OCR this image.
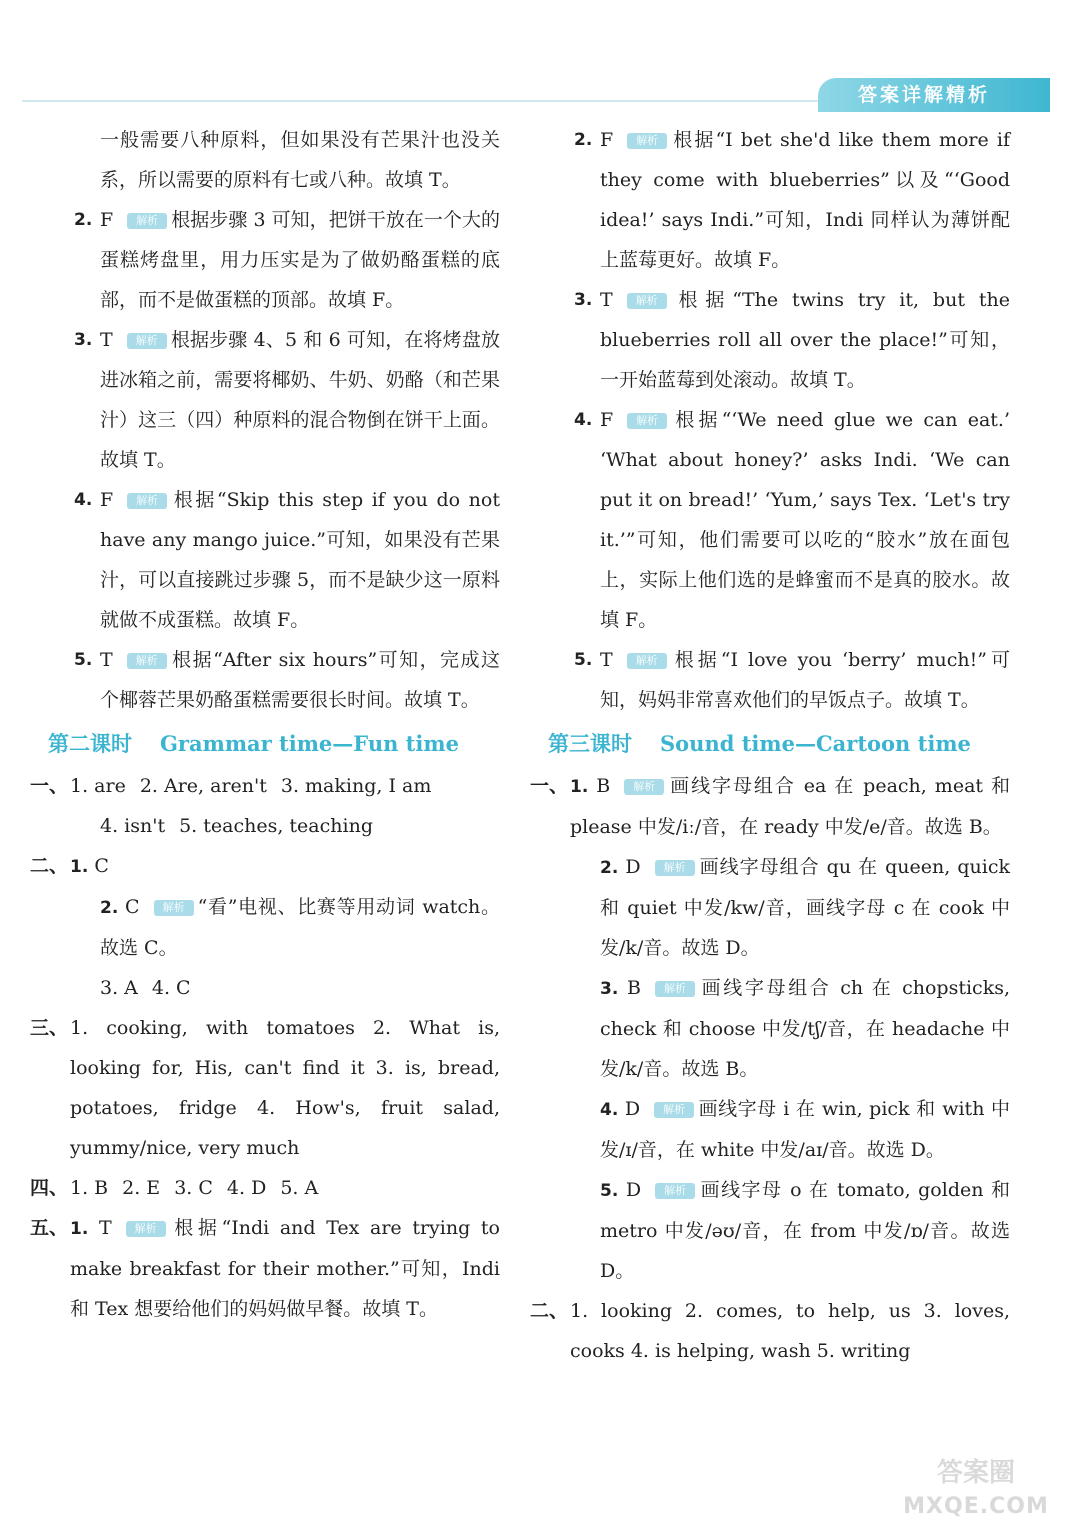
答案详解精析

一般需要八种原料，但如果没有芒果汁也没关系，所以需要的原料有七或八种。故填 T。

2. F 解析 根据步骤 3 可知，把饼干放在一个大的蛋糕烤盘里，用力压实是为了做奶酪蛋糕的底部，而不是做蛋糕的顶部。故填 F。
3. T 解析 根据步骤 4、5 和 6 可知，在将烤盘放进冰箱之前，需要将椰奶、牛奶、奶酪（和芒果汁）这三（四）种原料的混合物倒在饼干上面。故填 T。
4. F 解析 根据“Skip this step if you do not have any mango juice.”可知，如果没有芒果汁，可以直接跳过步骤 5，而不是缺少这一原料就做不成蛋糕。故填 F。
5. T 解析 根据“After six hours”可知，完成这个椰蓉芒果奶酪蛋糕需要很长时间。故填 T。
第二课时 Grammar time—Fun time
一、 1. are 2. Are, aren't 3. making, I am
4. isn't 5. teaches, teaching
二、 1. C
2. C 解析 “看”电视、比赛等用动词 watch。故选 C。
3. A 4. C
三、 1. cooking, with tomatoes 2. What is, looking for, His, can't find it 3. is, bread, potatoes, fridge 4. How's, fruit salad, yummy/nice, very much
四、 1. B 2. E 3. C 4. D 5. A
五、 1. T 解析 根据“Indi and Tex are trying to make breakfast for their mother.”可知，Indi 和 Tex 想要给他们的妈妈做早餐。故填 T。
2. F 解析 根据“I bet she'd like them more if they come with blueberries”以及“‘Good idea!’ says Indi.”可知，Indi 同样认为薄饼配上蓝莓更好。故填 F。
3. T 解析 根据“The twins try it, but the blueberries roll all over the place!”可知，一开始蓝莓到处滚动。故填 T。
4. F 解析 根据“‘We need glue we can eat.’ ‘What about honey?’ asks Indi. ‘We can put it on bread!’ ‘Yum,’ says Tex. ‘Let's try it.’”可知，他们需要可以吃的“胶水”放在面包上，实际上他们选的是蜂蜜而不是真的胶水。故填 F。
5. T 解析 根据“I love you ‘berry’ much!”可知，妈妈非常喜欢他们的早饭点子。故填 T。
第三课时 Sound time—Cartoon time
一、 1. B 解析 画线字母组合 ea 在 peach, meat 和 please 中发/iː/音，在 ready 中发/e/音。故选 B。
2. D 解析 画线字母组合 qu 在 queen, quick 和 quiet 中发/kw/音，画线字母 c 在 cook 中发/k/音。故选 D。
3. B 解析 画线字母组合 ch 在 chopsticks, check 和 choose 中发/tʃ/音，在 headache 中发/k/音。故选 B。
4. D 解析 画线字母 i 在 win, pick 和 with 中发/ɪ/音，在 white 中发/aɪ/音。故选 D。
5. D 解析 画线字母 o 在 tomato, golden 和 metro 中发/əʊ/音，在 from 中发/ɒ/音。故选 D。
二、 1. looking 2. comes, to help, us 3. loves, cooks 4. is helping, wash 5. writing
答案圈
MXQE.COM
